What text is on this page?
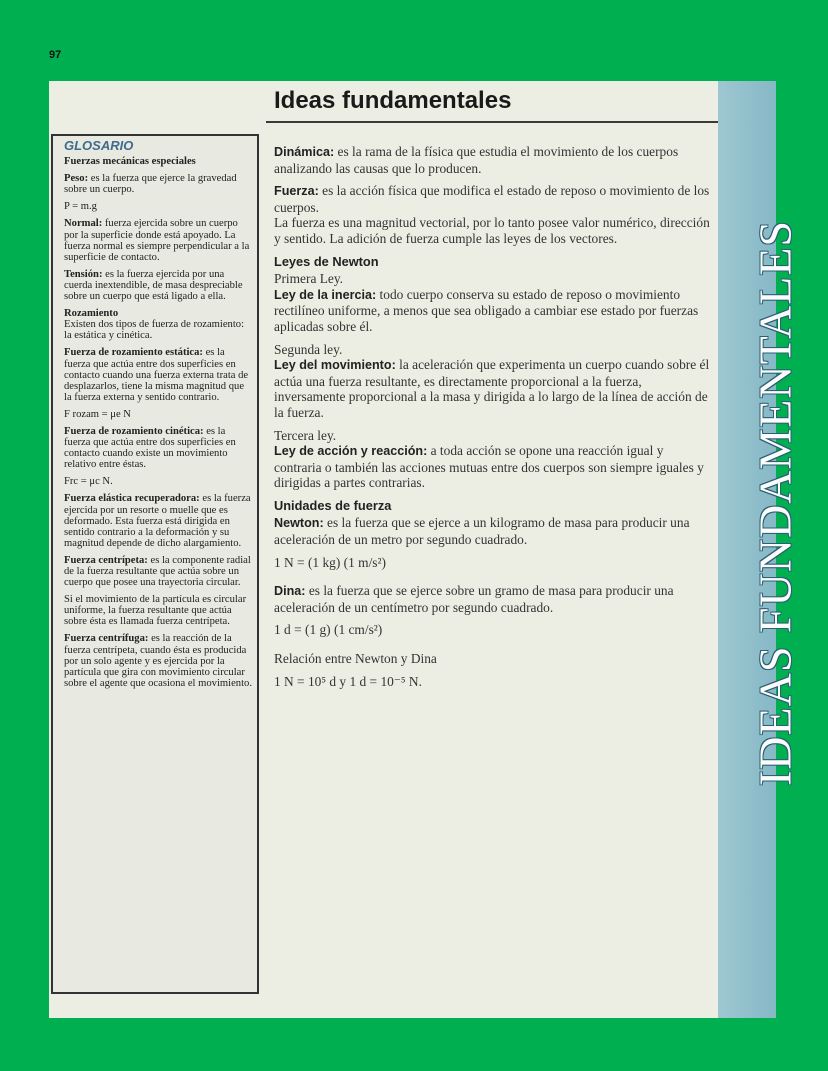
97
IDEAS FUNDAMENTALES
Ideas fundamentales
GLOSARIO
Fuerzas mecánicas especiales

Peso: es la fuerza que ejerce la gravedad sobre un cuerpo.

P = m.g

Normal: fuerza ejercida sobre un cuerpo por la superficie donde está apoyado. La fuerza normal es siempre perpendicular a la superficie de contacto.

Tensión: es la fuerza ejercida por una cuerda inextendible, de masa despreciable sobre un cuerpo que está ligado a ella.

Rozamiento
Existen dos tipos de fuerza de rozamiento: la estática y cinética.

Fuerza de rozamiento estática: es la fuerza que actúa entre dos superficies en contacto cuando una fuerza externa trata de desplazarlos, tiene la misma magnitud que la fuerza externa y sentido contrario.

F rozam = μe N

Fuerza de rozamiento cinética: es la fuerza que actúa entre dos superficies en contacto cuando existe un movimiento relativo entre éstas.

Frc = μc N.

Fuerza elástica recuperadora: es la fuerza ejercida por un resorte o muelle que es deformado. Esta fuerza está dirigida en sentido contrario a la deformación y su magnitud depende de dicho alargamiento.

Fuerza centrípeta: es la componente radial de la fuerza resultante que actúa sobre un cuerpo que posee una trayectoria circular.

Si el movimiento de la partícula es circular uniforme, la fuerza resultante que actúa sobre ésta es llamada fuerza centrípeta.

Fuerza centrífuga: es la reacción de la fuerza centrípeta, cuando ésta es producida por un solo agente y es ejercida por la partícula que gira con movimiento circular sobre el agente que ocasiona el movimiento.

Dinámica: es la rama de la física que estudia el movimiento de los cuerpos analizando las causas que lo producen.

Fuerza: es la acción física que modifica el estado de reposo o movimiento de los cuerpos.
La fuerza es una magnitud vectorial, por lo tanto posee valor numérico, dirección y sentido. La adición de fuerza cumple las leyes de los vectores.

Leyes de Newton

Primera Ley.
Ley de la inercia: todo cuerpo conserva su estado de reposo o movimiento rectilíneo uniforme, a menos que sea obligado a cambiar ese estado por fuerzas aplicadas sobre él.

Segunda ley.
Ley del movimiento: la aceleración que experimenta un cuerpo cuando sobre él actúa una fuerza resultante, es directamente proporcional a la fuerza, inversamente proporcional a la masa y dirigida a lo largo de la línea de acción de la fuerza.

Tercera ley.
Ley de acción y reacción: a toda acción se opone una reacción igual y contraria o también las acciones mutuas entre dos cuerpos son siempre iguales y dirigidas a partes contrarias.

Unidades de fuerza

Newton: es la fuerza que se ejerce a un kilogramo de masa para producir una aceleración de un metro por segundo cuadrado.

1 N = (1 kg) (1 m/s²)

Dina: es la fuerza que se ejerce sobre un gramo de masa para producir una aceleración de un centímetro por segundo cuadrado.

1 d = (1 g) (1 cm/s²)

Relación entre Newton y Dina

1 N = 10⁵ d y 1 d = 10⁻⁵ N.
